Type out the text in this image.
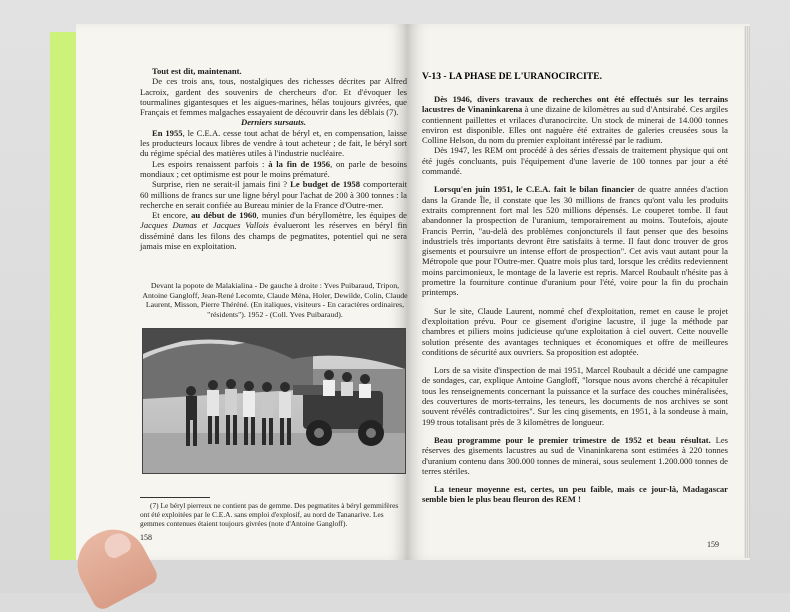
Tout est dit, maintenant.

De ces trois ans, tous, nostalgiques des richesses décrites par Alfred Lacroix, gardent des souvenirs de chercheurs d'or. Et d'évoquer les tourmalines gigantesques et les aigues-marines, hélas toujours givrées, que Français et femmes malgaches essayaient de découvrir dans les déblais (7).

Derniers sursauts.

En 1955, le C.E.A. cesse tout achat de béryl et, en compensation, laisse les producteurs locaux libres de vendre à tout acheteur ; de fait, le béryl sort du régime spécial des matières utiles à l'industrie nucléaire.

Les espoirs renaissent parfois : à la fin de 1956, on parle de besoins mondiaux ; cet optimisme est pour le moins prématuré.

Surprise, rien ne serait-il jamais fini ? Le budget de 1958 comporterait 60 millions de francs sur une ligne béryl pour l'achat de 200 à 300 tonnes : la recherche en serait confiée au Bureau minier de la France d'Outre-mer.

Et encore, au début de 1960, munies d'un béryllomètre, les équipes de Jacques Dumas et Jacques Vallois évalueront les réserves en béryl fin disséminé dans les filons des champs de pegmatites, potentiel qui ne sera jamais mise en exploitation.

Devant la popote de Malakialina - De gauche à droite : Yves Puibaraud, Tripon, Antoine Gangloff, Jean-René Lecomte, Claude Ména, Holer, Dewilde, Colin, Claude Laurent, Misson, Pierre Théréné. (En italiques, visiteurs - En caractères ordinaires, "résidents"). 1952 - (Coll. Yves Puibaraud).

(7) Le béryl pierreux ne contient pas de gemme. Des pegmatites à béryl gemmifères ont été exploitées par le C.E.A. sans emploi d'explosif, au nord de Tananarive. Les gemmes contenues étaient toujours givrées (note d'Antoine Gangloff).

158
V-13 - LA PHASE DE L'URANOCIRCITE.

Dès 1946, divers travaux de recherches ont été effectués sur les terrains lacustres de Vinaninkarena à une dizaine de kilomètres au sud d'Antsirabé. Ces argiles contiennent paillettes et vrilaces d'uranocircite. Un stock de minerai de 14.000 tonnes environ est disponible. Elles ont naguère été extraites de galeries creusées sous la Colline Helson, du nom du premier exploitant intéressé par le radium.

Dès 1947, les REM ont procédé à des séries d'essais de traitement physique qui ont été jugés concluants, puis l'équipement d'une laverie de 100 tonnes par jour a été commandé.

Lorsqu'en juin 1951, le C.E.A. fait le bilan financier de quatre années d'action dans la Grande Île, il constate que les 30 millions de francs qu'ont valu les produits extraits comprennent fort mal les 520 millions dépensés. Le couperet tombe. Il faut abandonner la prospection de l'uranium, temporairement au moins. Toutefois, ajoute Francis Perrin, "au-delà des problèmes conjoncturels il faut penser que des besoins industriels très importants devront être satisfaits à terme. Il faut donc trouver de gros gisements et poursuivre un intense effort de prospection". Cet avis vaut autant pour la Métropole que pour l'Outre-mer. Quatre mois plus tard, lorsque les crédits redeviennent moins parcimonieux, le montage de la laverie est repris. Marcel Roubault n'hésite pas à promettre la fourniture continue d'uranium pour l'été, voire pour la fin du prochain printemps.

Sur le site, Claude Laurent, nommé chef d'exploitation, remet en cause le projet d'exploitation prévu. Pour ce gisement d'origine lacustre, il juge la méthode par chambres et piliers moins judicieuse qu'une exploitation à ciel ouvert. Cette nouvelle solution présente des avantages techniques et économiques et offre de meilleures conditions de sécurité aux ouvriers. Sa proposition est adoptée.

Lors de sa visite d'inspection de mai 1951, Marcel Roubault a décidé une campagne de sondages, car, explique Antoine Gangloff, "lorsque nous avons cherché à récapituler tous les renseignements concernant la puissance et la surface des couches minéralisées, des couvertures de morts-terrains, les teneurs, les documents de nos archives se sont souvent révélés contradictoires". Sur les cinq gisements, en 1951, à la sondeuse à main, 199 trous totalisant près de 3 kilomètres de longueur.

Beau programme pour le premier trimestre de 1952 et beau résultat. Les réserves des gisements lacustres au sud de Vinaninkarena sont estimées à 220 tonnes d'uranium contenu dans 300.000 tonnes de minerai, sous seulement 1.200.000 tonnes de terres stériles.

La teneur moyenne est, certes, un peu faible, mais ce jour-là, Madagascar semble bien le plus beau fleuron des REM !

159
